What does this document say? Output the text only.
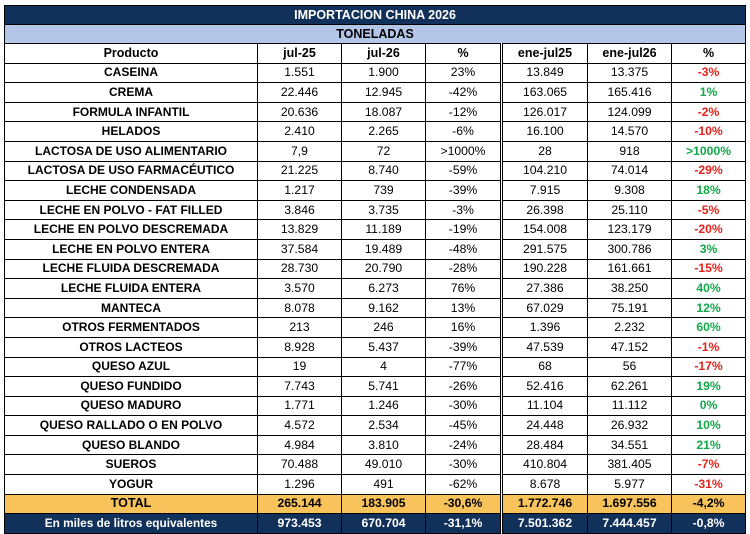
IMPORTACION CHINA 2026						
TONELADAS						
Producto	jul-25	jul-26	%	ene-jul25	ene-jul26	%
CASEINA	1.551	1.900	23%	13.849	13.375	-3%
CREMA	22.446	12.945	-42%	163.065	165.416	1%
FORMULA INFANTIL	20.636	18.087	-12%	126.017	124.099	-2%
HELADOS	2.410	2.265	-6%	16.100	14.570	-10%
LACTOSA DE USO ALIMENTARIO	7,9	72	>1000%	28	918	>1000%
LACTOSA DE USO FARMACÉUTICO	21.225	8.740	-59%	104.210	74.014	-29%
LECHE CONDENSADA	1.217	739	-39%	7.915	9.308	18%
LECHE EN POLVO - FAT FILLED	3.846	3.735	-3%	26.398	25.110	-5%
LECHE EN POLVO DESCREMADA	13.829	11.189	-19%	154.008	123.179	-20%
LECHE EN POLVO ENTERA	37.584	19.489	-48%	291.575	300.786	3%
LECHE FLUIDA DESCREMADA	28.730	20.790	-28%	190.228	161.661	-15%
LECHE FLUIDA ENTERA	3.570	6.273	76%	27.386	38.250	40%
MANTECA	8.078	9.162	13%	67.029	75.191	12%
OTROS FERMENTADOS	213	246	16%	1.396	2.232	60%
OTROS LACTEOS	8.928	5.437	-39%	47.539	47.152	-1%
QUESO AZUL	19	4	-77%	68	56	-17%
QUESO FUNDIDO	7.743	5.741	-26%	52.416	62.261	19%
QUESO MADURO	1.771	1.246	-30%	11.104	11.112	0%
QUESO RALLADO O EN POLVO	4.572	2.534	-45%	24.448	26.932	10%
QUESO BLANDO	4.984	3.810	-24%	28.484	34.551	21%
SUEROS	70.488	49.010	-30%	410.804	381.405	-7%
YOGUR	1.296	491	-62%	8.678	5.977	-31%
TOTAL	265.144	183.905	-30,6%	1.772.746	1.697.556	-4,2%
En miles de litros equivalentes	973.453	670.704	-31,1%	7.501.362	7.444.457	-0,8%
